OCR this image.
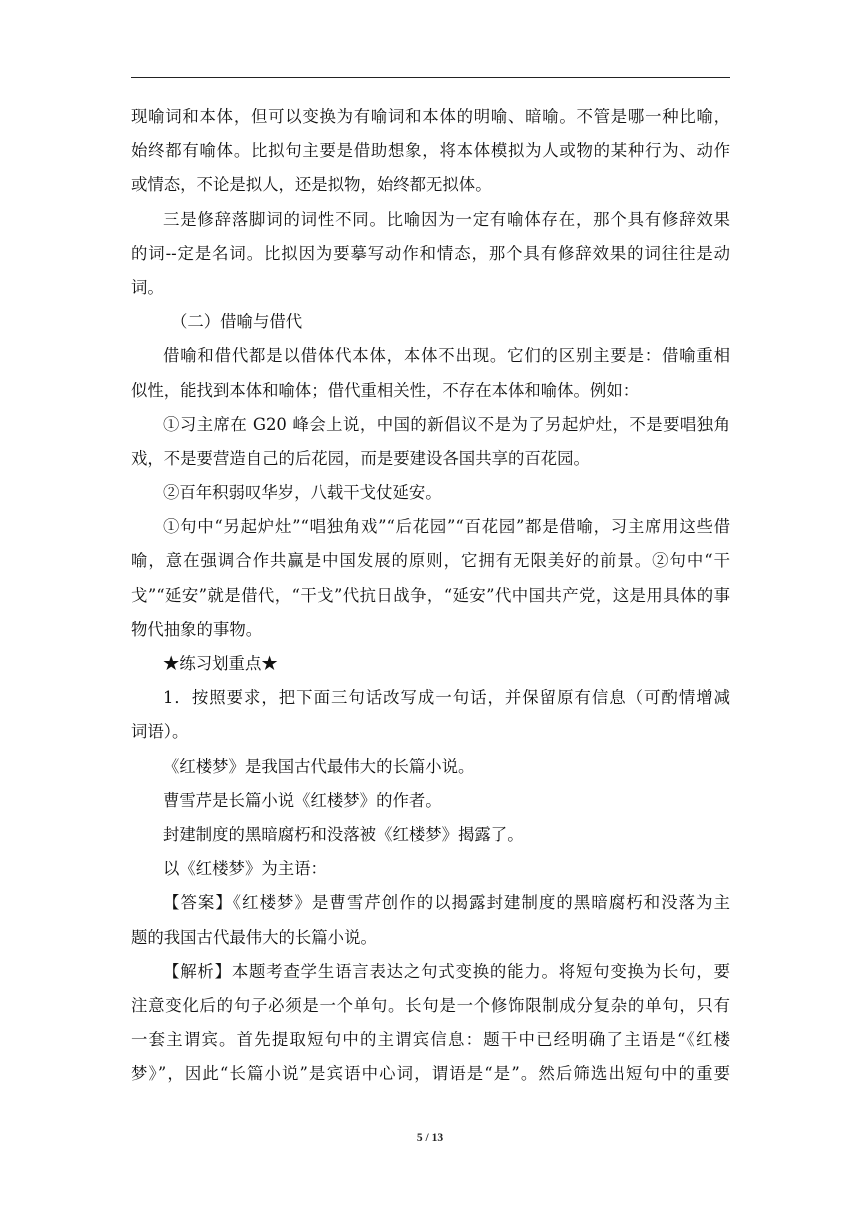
现喻词和本体，但可以变换为有喻词和本体的明喻、暗喻。不管是哪一种比喻，
始终都有喻体。比拟句主要是借助想象，将本体模拟为人或物的某种行为、动作
或情态，不论是拟人，还是拟物，始终都无拟体。
三是修辞落脚词的词性不同。比喻因为一定有喻体存在，那个具有修辞效果
的词--定是名词。比拟因为要摹写动作和情态，那个具有修辞效果的词往往是动
词。
（二）借喻与借代
借喻和借代都是以借体代本体，本体不出现。它们的区别主要是：借喻重相
似性，能找到本体和喻体；借代重相关性，不存在本体和喻体。例如：
①习主席在 G20 峰会上说，中国的新倡议不是为了另起炉灶，不是要唱独角
戏，不是要营造自己的后花园，而是要建设各国共享的百花园。
②百年积弱叹华岁，八载干戈仗延安。
①句中“另起炉灶”“唱独角戏”“后花园”“百花园”都是借喻，习主席用这些借
喻，意在强调合作共赢是中国发展的原则，它拥有无限美好的前景。②句中“干
戈”“延安”就是借代，“干戈”代抗日战争，“延安”代中国共产党，这是用具体的事
物代抽象的事物。
★练习划重点★
1．按照要求，把下面三句话改写成一句话，并保留原有信息（可酌情增减
词语）。
《红楼梦》是我国古代最伟大的长篇小说。
曹雪芹是长篇小说《红楼梦》的作者。
封建制度的黑暗腐朽和没落被《红楼梦》揭露了。
以《红楼梦》为主语：
【答案】《红楼梦》是曹雪芹创作的以揭露封建制度的黑暗腐朽和没落为主
题的我国古代最伟大的长篇小说。
【解析】本题考查学生语言表达之句式变换的能力。将短句变换为长句，要
注意变化后的句子必须是一个单句。长句是一个修饰限制成分复杂的单句，只有
一套主谓宾。首先提取短句中的主谓宾信息：题干中已经明确了主语是“《红楼
梦》”，因此“长篇小说”是宾语中心词，谓语是“是”。然后筛选出短句中的重要
5 / 13
